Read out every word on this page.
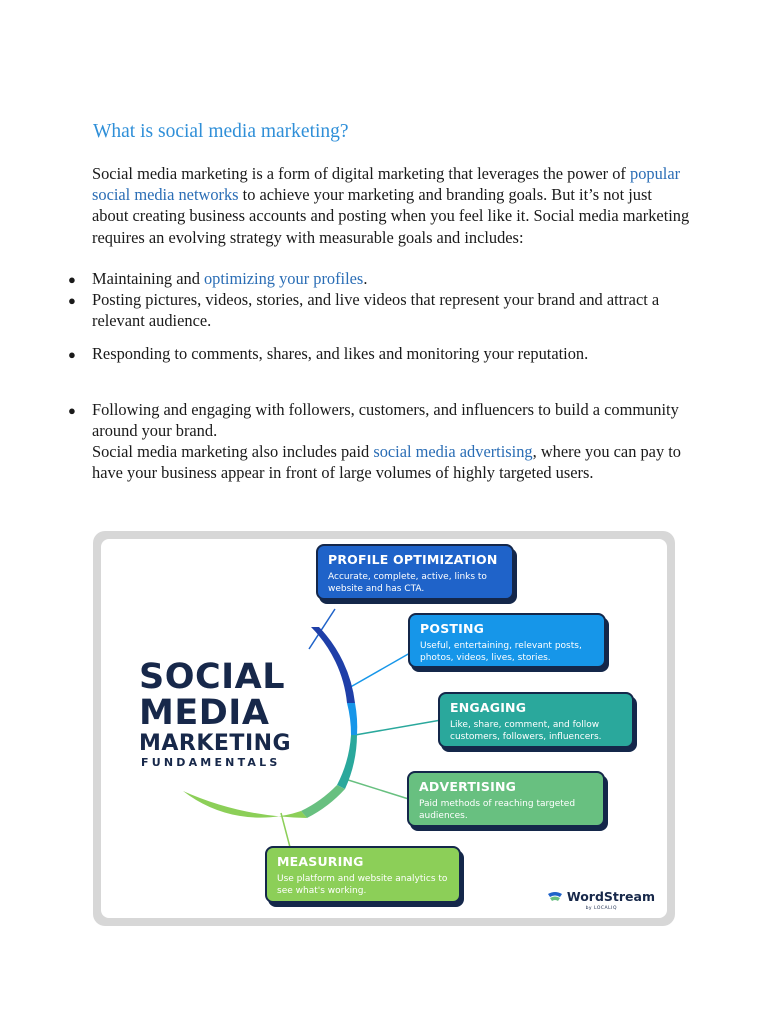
What is social media marketing?

Social media marketing is a form of digital marketing that leverages the power of popular social media networks to achieve your marketing and branding goals. But it’s not just about creating business accounts and posting when you feel like it. Social media marketing requires an evolving strategy with measurable goals and includes:

● Maintaining and optimizing your profiles.

● Posting pictures, videos, stories, and live videos that represent your brand and attract a relevant audience.

● Responding to comments, shares, and likes and monitoring your reputation.

● Following and engaging with followers, customers, and influencers to build a community around your brand.

Social media marketing also includes paid social media advertising, where you can pay to have your business appear in front of large volumes of highly targeted users.

SOCIAL
MEDIA
MARKETING
FUNDAMENTALS

PROFILE OPTIMIZATION

Accurate, complete, active, links to website and has CTA.

POSTING

Useful, entertaining, relevant posts, photos, videos, lives, stories.

ENGAGING

Like, share, comment, and follow customers, followers, influencers.

ADVERTISING

Paid methods of reaching targeted audiences.

MEASURING

Use platform and website analytics to see what's working.	WordStream
by LOCALIQ
